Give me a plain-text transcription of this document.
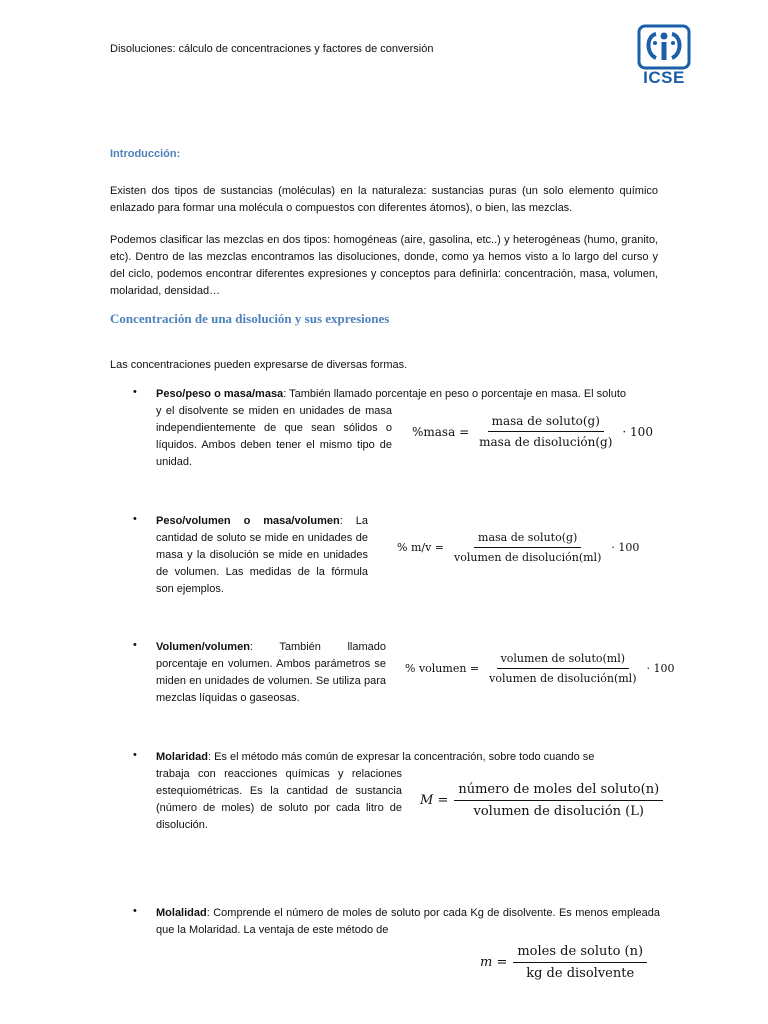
Disoluciones: cálculo de concentraciones y factores de conversión
ICSE
Introducción:
Existen dos tipos de sustancias (moléculas) en la naturaleza: sustancias puras (un solo elemento químico enlazado para formar una molécula o compuestos con diferentes átomos), o bien, las mezclas.
Podemos clasificar las mezclas en dos tipos: homogéneas (aire, gasolina, etc..) y heterogéneas (humo, granito, etc). Dentro de las mezclas encontramos las disoluciones, donde, como ya hemos visto a lo largo del curso y del ciclo, podemos encontrar diferentes expresiones y conceptos para definirla: concentración, masa, volumen, molaridad, densidad…
Concentración de una disolución y sus expresiones
Las concentraciones pueden expresarse de diversas formas.
• Peso/peso o masa/masa: También llamado porcentaje en peso o porcentaje en masa. El soluto
y el disolvente se miden en unidades de masa independientemente de que sean sólidos o líquidos. Ambos deben tener el mismo tipo de unidad.
%masa = $\frac{\text{masa de soluto(g)}}{\text{masa de disolución(g)}} \cdot 100$
• Peso/volumen o masa/volumen: La cantidad de soluto se mide en unidades de masa y la disolución se mide en unidades de volumen. Las medidas de la fórmula son ejemplos.
% $m/v = \frac{\text{masa de soluto(g)}}{\text{volumen de disolución(ml)}} \cdot 100$
• Volumen/volumen: También llamado porcentaje en volumen. Ambos parámetros se miden en unidades de volumen. Se utiliza para mezclas líquidas o gaseosas.
% volumen = $\frac{\text{volumen de soluto(ml)}}{\text{volumen de disolución(ml)}} \cdot 100$
• Molaridad: Es el método más común de expresar la concentración, sobre todo cuando se
trabaja con reacciones químicas y relaciones estequiométricas. Es la cantidad de sustancia (número de moles) de soluto por cada litro de disolución.
$M = \frac{\text{número de moles del soluto(n)}}{\text{volumen de disolución (L)}}$
• Molalidad: Comprende el número de moles de soluto por cada Kg de disolvente. Es menos empleada que la Molaridad. La ventaja de este método de
$m = \frac{\text{moles de soluto (n)}}{\text{kg de disolvente}}$
